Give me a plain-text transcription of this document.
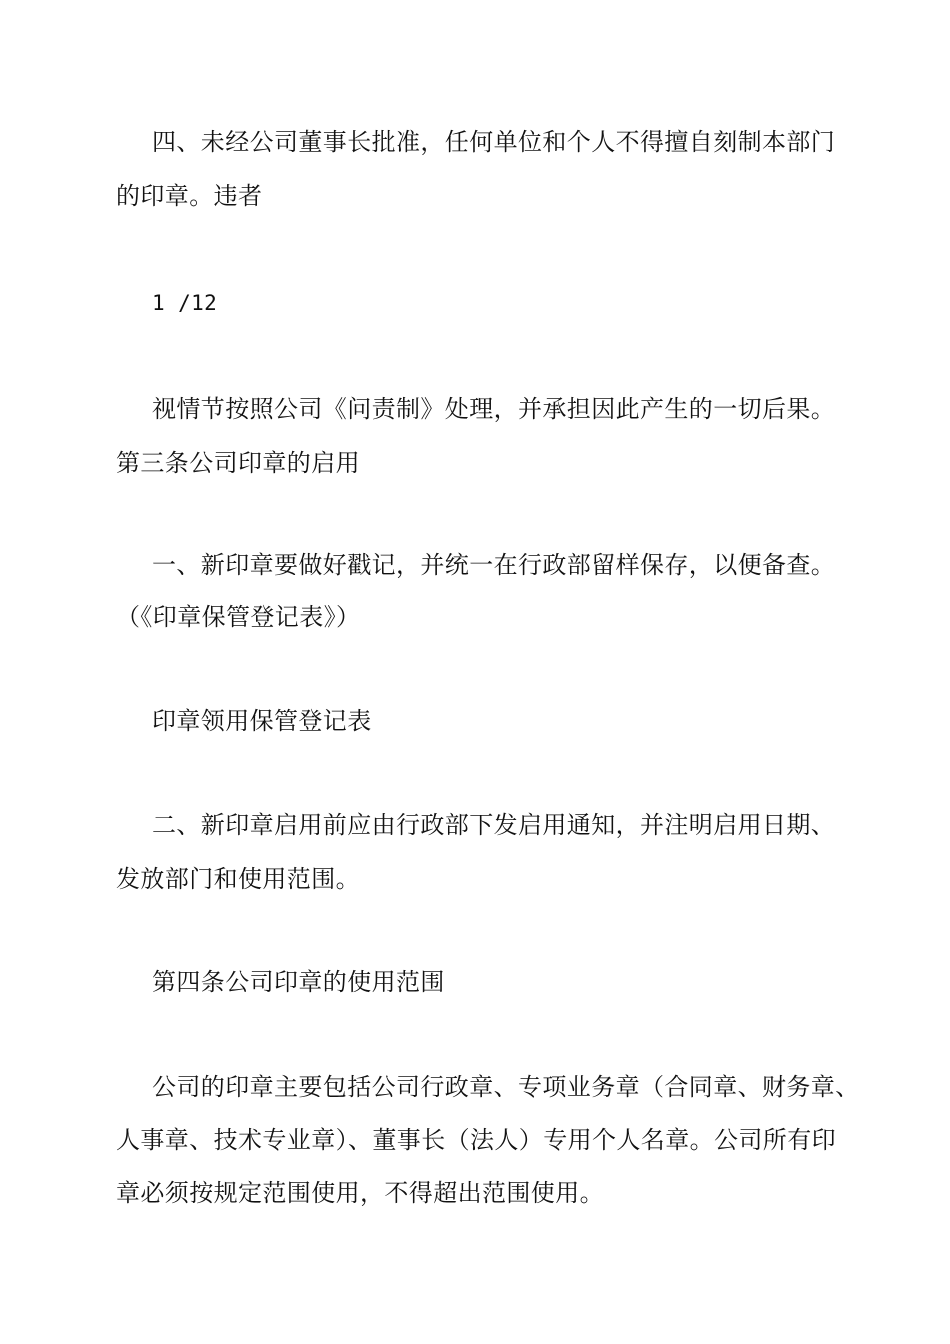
四、未经公司董事长批准，任何单位和个人不得擅自刻制本部门
的印章。违者
1 /12
视情节按照公司《问责制》处理，并承担因此产生的一切后果。
第三条公司印章的启用
一、新印章要做好戳记，并统一在行政部留样保存，以便备查。
（《印章保管登记表》）
印章领用保管登记表
二、新印章启用前应由行政部下发启用通知，并注明启用日期、
发放部门和使用范围。
第四条公司印章的使用范围
公司的印章主要包括公司行政章、专项业务章（合同章、财务章、
人事章、技术专业章）、董事长（法人）专用个人名章。公司所有印
章必须按规定范围使用，不得超出范围使用。
